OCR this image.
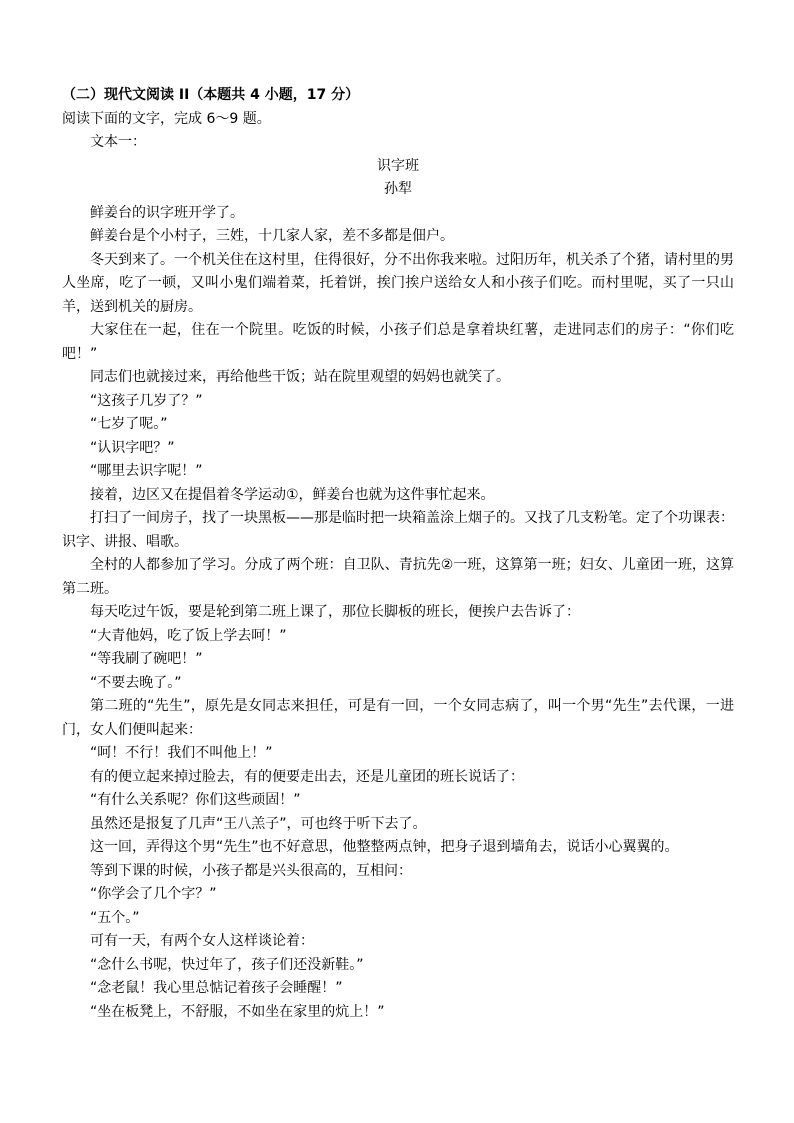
（二）现代文阅读 II（本题共 4 小题，17 分）

阅读下面的文字，完成 6～9 题。

文本一：

识字班

孙犁

鲜姜台的识字班开学了。

鲜姜台是个小村子，三姓，十几家人家，差不多都是佃户。

冬天到来了。一个机关住在这村里，住得很好，分不出你我来啦。过阳历年，机关杀了个猪，请村里的男人坐席，吃了一顿，又叫小鬼们端着菜，托着饼，挨门挨户送给女人和小孩子们吃。而村里呢，买了一只山羊，送到机关的厨房。

大家住在一起，住在一个院里。吃饭的时候，小孩子们总是拿着块红薯，走进同志们的房子：“你们吃吧！”

同志们也就接过来，再给他些干饭；站在院里观望的妈妈也就笑了。

“这孩子几岁了？”

“七岁了呢。”

“认识字吧？”

“哪里去识字呢！”

接着，边区又在提倡着冬学运动①，鲜姜台也就为这件事忙起来。

打扫了一间房子，找了一块黑板——那是临时把一块箱盖涂上烟子的。又找了几支粉笔。定了个功课表：识字、讲报、唱歌。

全村的人都参加了学习。分成了两个班：自卫队、青抗先②一班，这算第一班；妇女、儿童团一班，这算第二班。

每天吃过午饭，要是轮到第二班上课了，那位长脚板的班长，便挨户去告诉了：

“大青他妈，吃了饭上学去呵！”

“等我刷了碗吧！”

“不要去晚了。”

第二班的“先生”，原先是女同志来担任，可是有一回，一个女同志病了，叫一个男“先生”去代课，一进门，女人们便叫起来：

“呵！不行！我们不叫他上！”

有的便立起来掉过脸去，有的便要走出去，还是儿童团的班长说话了：

“有什么关系呢？你们这些顽固！”

虽然还是报复了几声“王八羔子”，可也终于听下去了。

这一回，弄得这个男“先生”也不好意思，他整整两点钟，把身子退到墙角去，说话小心翼翼的。

等到下课的时候，小孩子都是兴头很高的，互相问：

“你学会了几个字？”

“五个。”

可有一天，有两个女人这样谈论着：

“念什么书呢，快过年了，孩子们还没新鞋。”

“念老鼠！我心里总惦记着孩子会睡醒！”

“坐在板凳上，不舒服，不如坐在家里的炕上！”
